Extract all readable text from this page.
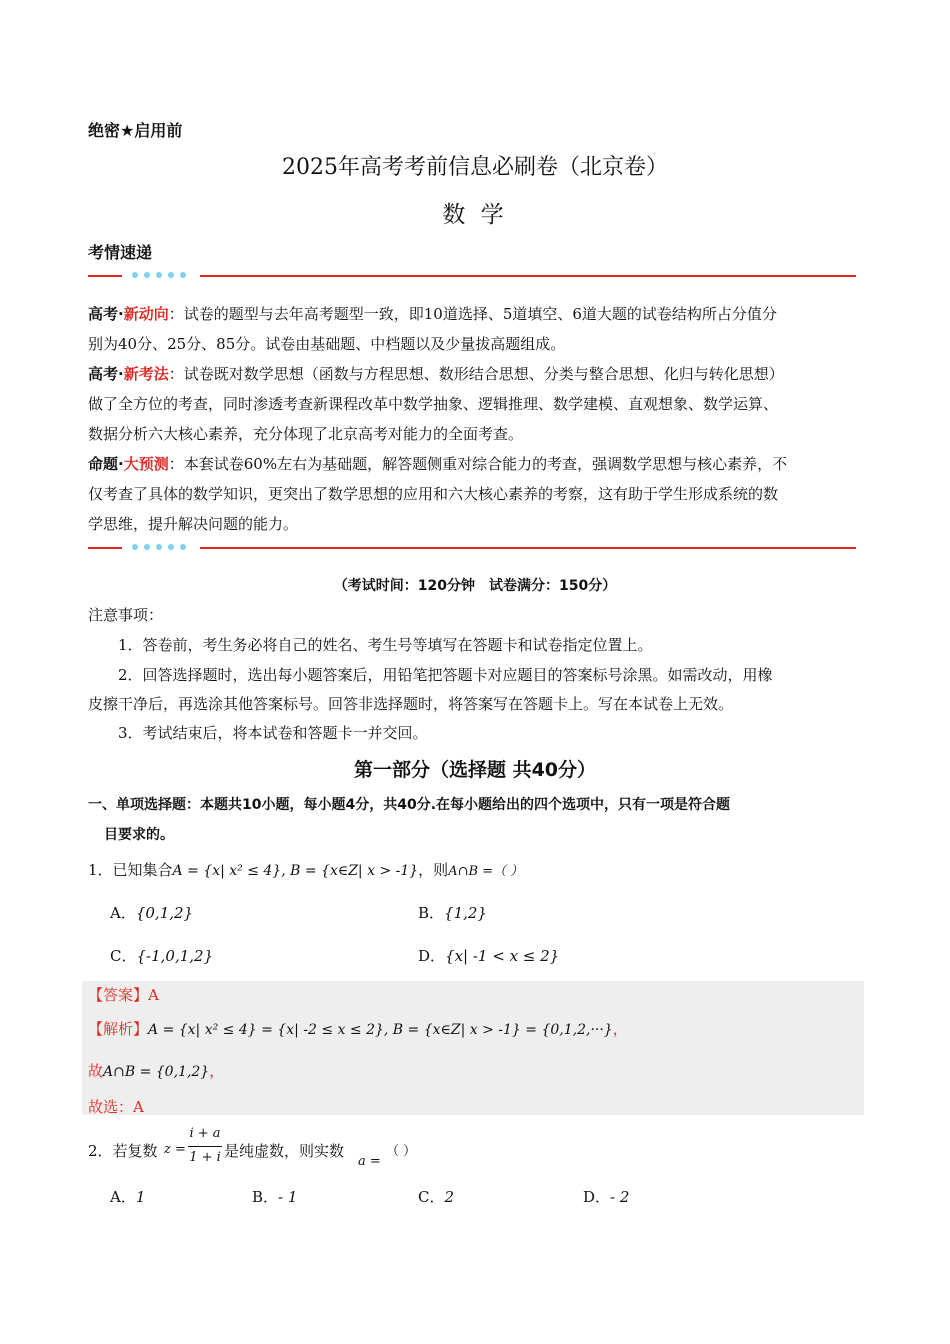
绝密★启用前
2025年高考考前信息必刷卷（北京卷）
数 学
考情速递
高考·新动向：试卷的题型与去年高考题型一致，即10道选择、5道填空、6道大题的试卷结构所占分值分
别为40分、25分、85分。试卷由基础题、中档题以及少量拔高题组成。
高考·新考法：试卷既对数学思想（函数与方程思想、数形结合思想、分类与整合思想、化归与转化思想）
做了全方位的考查，同时渗透考查新课程改革中数学抽象、逻辑推理、数学建模、直观想象、数学运算、
数据分析六大核心素养，充分体现了北京高考对能力的全面考查。
命题·大预测：本套试卷60%左右为基础题，解答题侧重对综合能力的考查，强调数学思想与核心素养，不
仅考查了具体的数学知识，更突出了数学思想的应用和六大核心素养的考察，这有助于学生形成系统的数
学思维，提升解决问题的能力。
（考试时间：120分钟　试卷满分：150分）
注意事项：
1．答卷前，考生务必将自己的姓名、考生号等填写在答题卡和试卷指定位置上。
2．回答选择题时，选出每小题答案后，用铅笔把答题卡对应题目的答案标号涂黑。如需改动，用橡
皮擦干净后，再选涂其他答案标号。回答非选择题时，将答案写在答题卡上。写在本试卷上无效。
3．考试结束后，将本试卷和答题卡一并交回。
第一部分（选择题 共40分）
一、单项选择题：本题共10小题，每小题4分，共40分.在每小题给出的四个选项中，只有一项是符合题
目要求的。
1．已知集合A = {x| x² ≤ 4}, B = {x∈Z| x > -1}，则A∩B =（ ）
A．{0,1,2}	B．{1,2}
C．{-1,0,1,2}	D．{x| -1 < x ≤ 2}
【答案】A
【解析】A = {x| x² ≤ 4} = {x| -2 ≤ x ≤ 2}, B = {x∈Z| x > -1} = {0,1,2,···}，
故A∩B = {0,1,2}，
故选：A
2．若复数 z =
i + a
1 + i 是纯虚数，则实数
a =
（ ）
A．1	B．- 1	C．2	D．- 2
